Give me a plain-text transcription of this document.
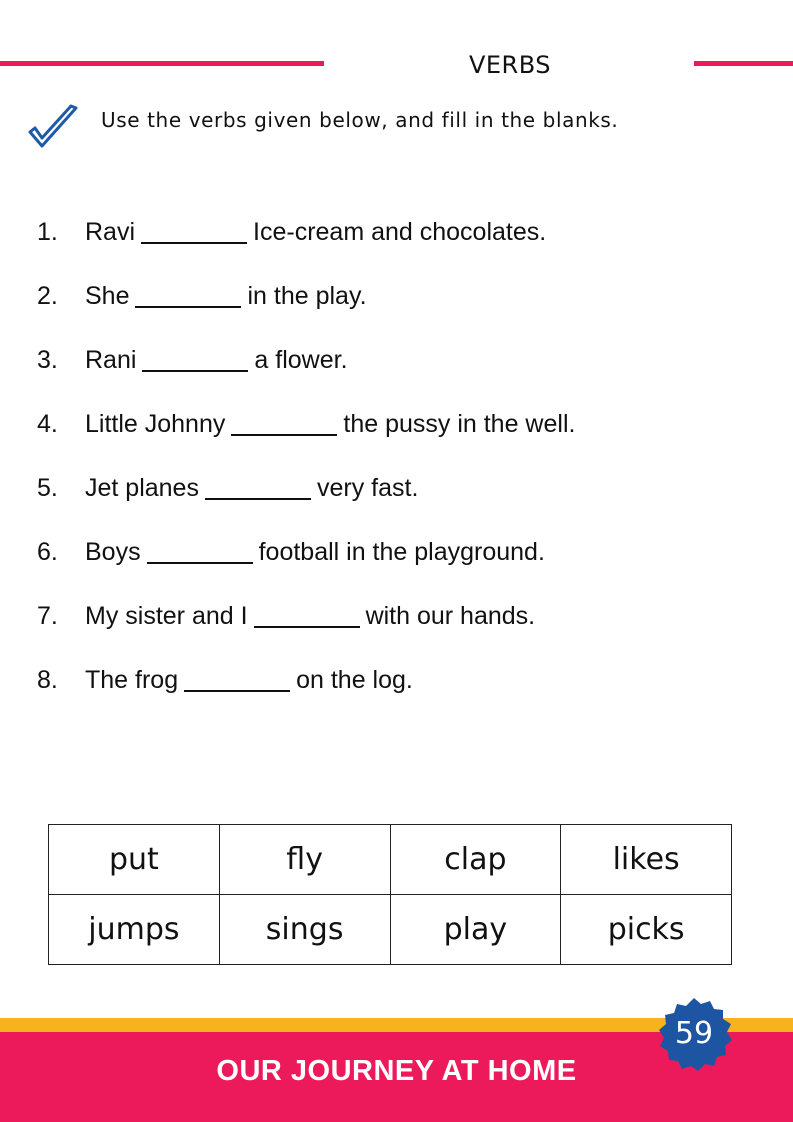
VERBS
Use the verbs given below, and fill in the blanks.
1.	Ravi	Ice-cream and chocolates.
2.	She	in the play.
3.	Rani	a flower.
4.	Little Johnny	the pussy in the well.
5.	Jet planes	very fast.
6.	Boys	football in the playground.
7.	My sister and I	with our hands.
8.	The frog	on the log.
put	fly	clap	likes
jumps	sings	play	picks
OUR JOURNEY AT HOME
59
